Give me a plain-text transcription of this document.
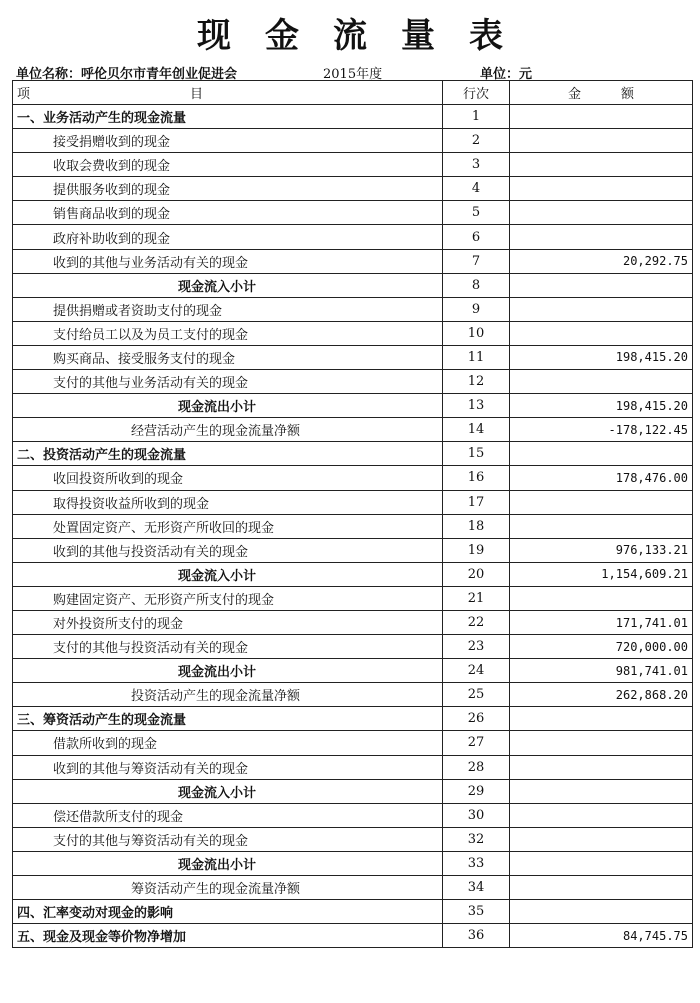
现金流量表
单位名称：呼伦贝尔市青年创业促进会	2015年度	单位：元
项 目	行次	金 额
一、业务活动产生的现金流量	1	
接受捐赠收到的现金	2	
收取会费收到的现金	3	
提供服务收到的现金	4	
销售商品收到的现金	5	
政府补助收到的现金	6	
收到的其他与业务活动有关的现金	7	20,292.75
现金流入小计	8	
提供捐赠或者资助支付的现金	9	
支付给员工以及为员工支付的现金	10	
购买商品、接受服务支付的现金	11	198,415.20
支付的其他与业务活动有关的现金	12	
现金流出小计	13	198,415.20
经营活动产生的现金流量净额	14	-178,122.45
二、投资活动产生的现金流量	15	
收回投资所收到的现金	16	178,476.00
取得投资收益所收到的现金	17	
处置固定资产、无形资产所收回的现金	18	
收到的其他与投资活动有关的现金	19	976,133.21
现金流入小计	20	1,154,609.21
购建固定资产、无形资产所支付的现金	21	
对外投资所支付的现金	22	171,741.01
支付的其他与投资活动有关的现金	23	720,000.00
现金流出小计	24	981,741.01
投资活动产生的现金流量净额	25	262,868.20
三、筹资活动产生的现金流量	26	
借款所收到的现金	27	
收到的其他与筹资活动有关的现金	28	
现金流入小计	29	
偿还借款所支付的现金	30	
支付的其他与筹资活动有关的现金	32	
现金流出小计	33	
筹资活动产生的现金流量净额	34	
四、汇率变动对现金的影响	35	
五、现金及现金等价物净增加	36	84,745.75
